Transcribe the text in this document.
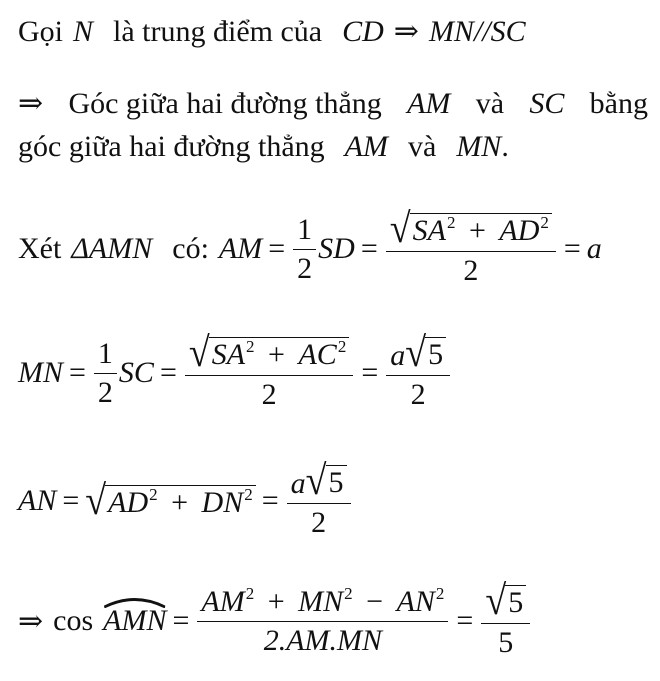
Gọi N là trung điểm của CD ⇒ MN // SC
⇒ Góc giữa hai đường thẳng AM và SC bằng
góc giữa hai đường thẳng AM và MN .
Xét ΔAMN có: AM = $\frac{1}{2}$ SD = $\frac{√ SA^2 + AD^2}{2} = a$
MN = $\frac{1}{2}$ SC = $\frac{√ SA^2 + AC^2}{2} = \frac{a √ 5}{2}$
AN = √ $AD^2 + DN^2 = \frac{a √ 5}{2}$
⇒ cos AMN = $\frac{AM^2 + MN^2 - AN^2}{2.AM.MN} = \frac{√ 5}{5}$
